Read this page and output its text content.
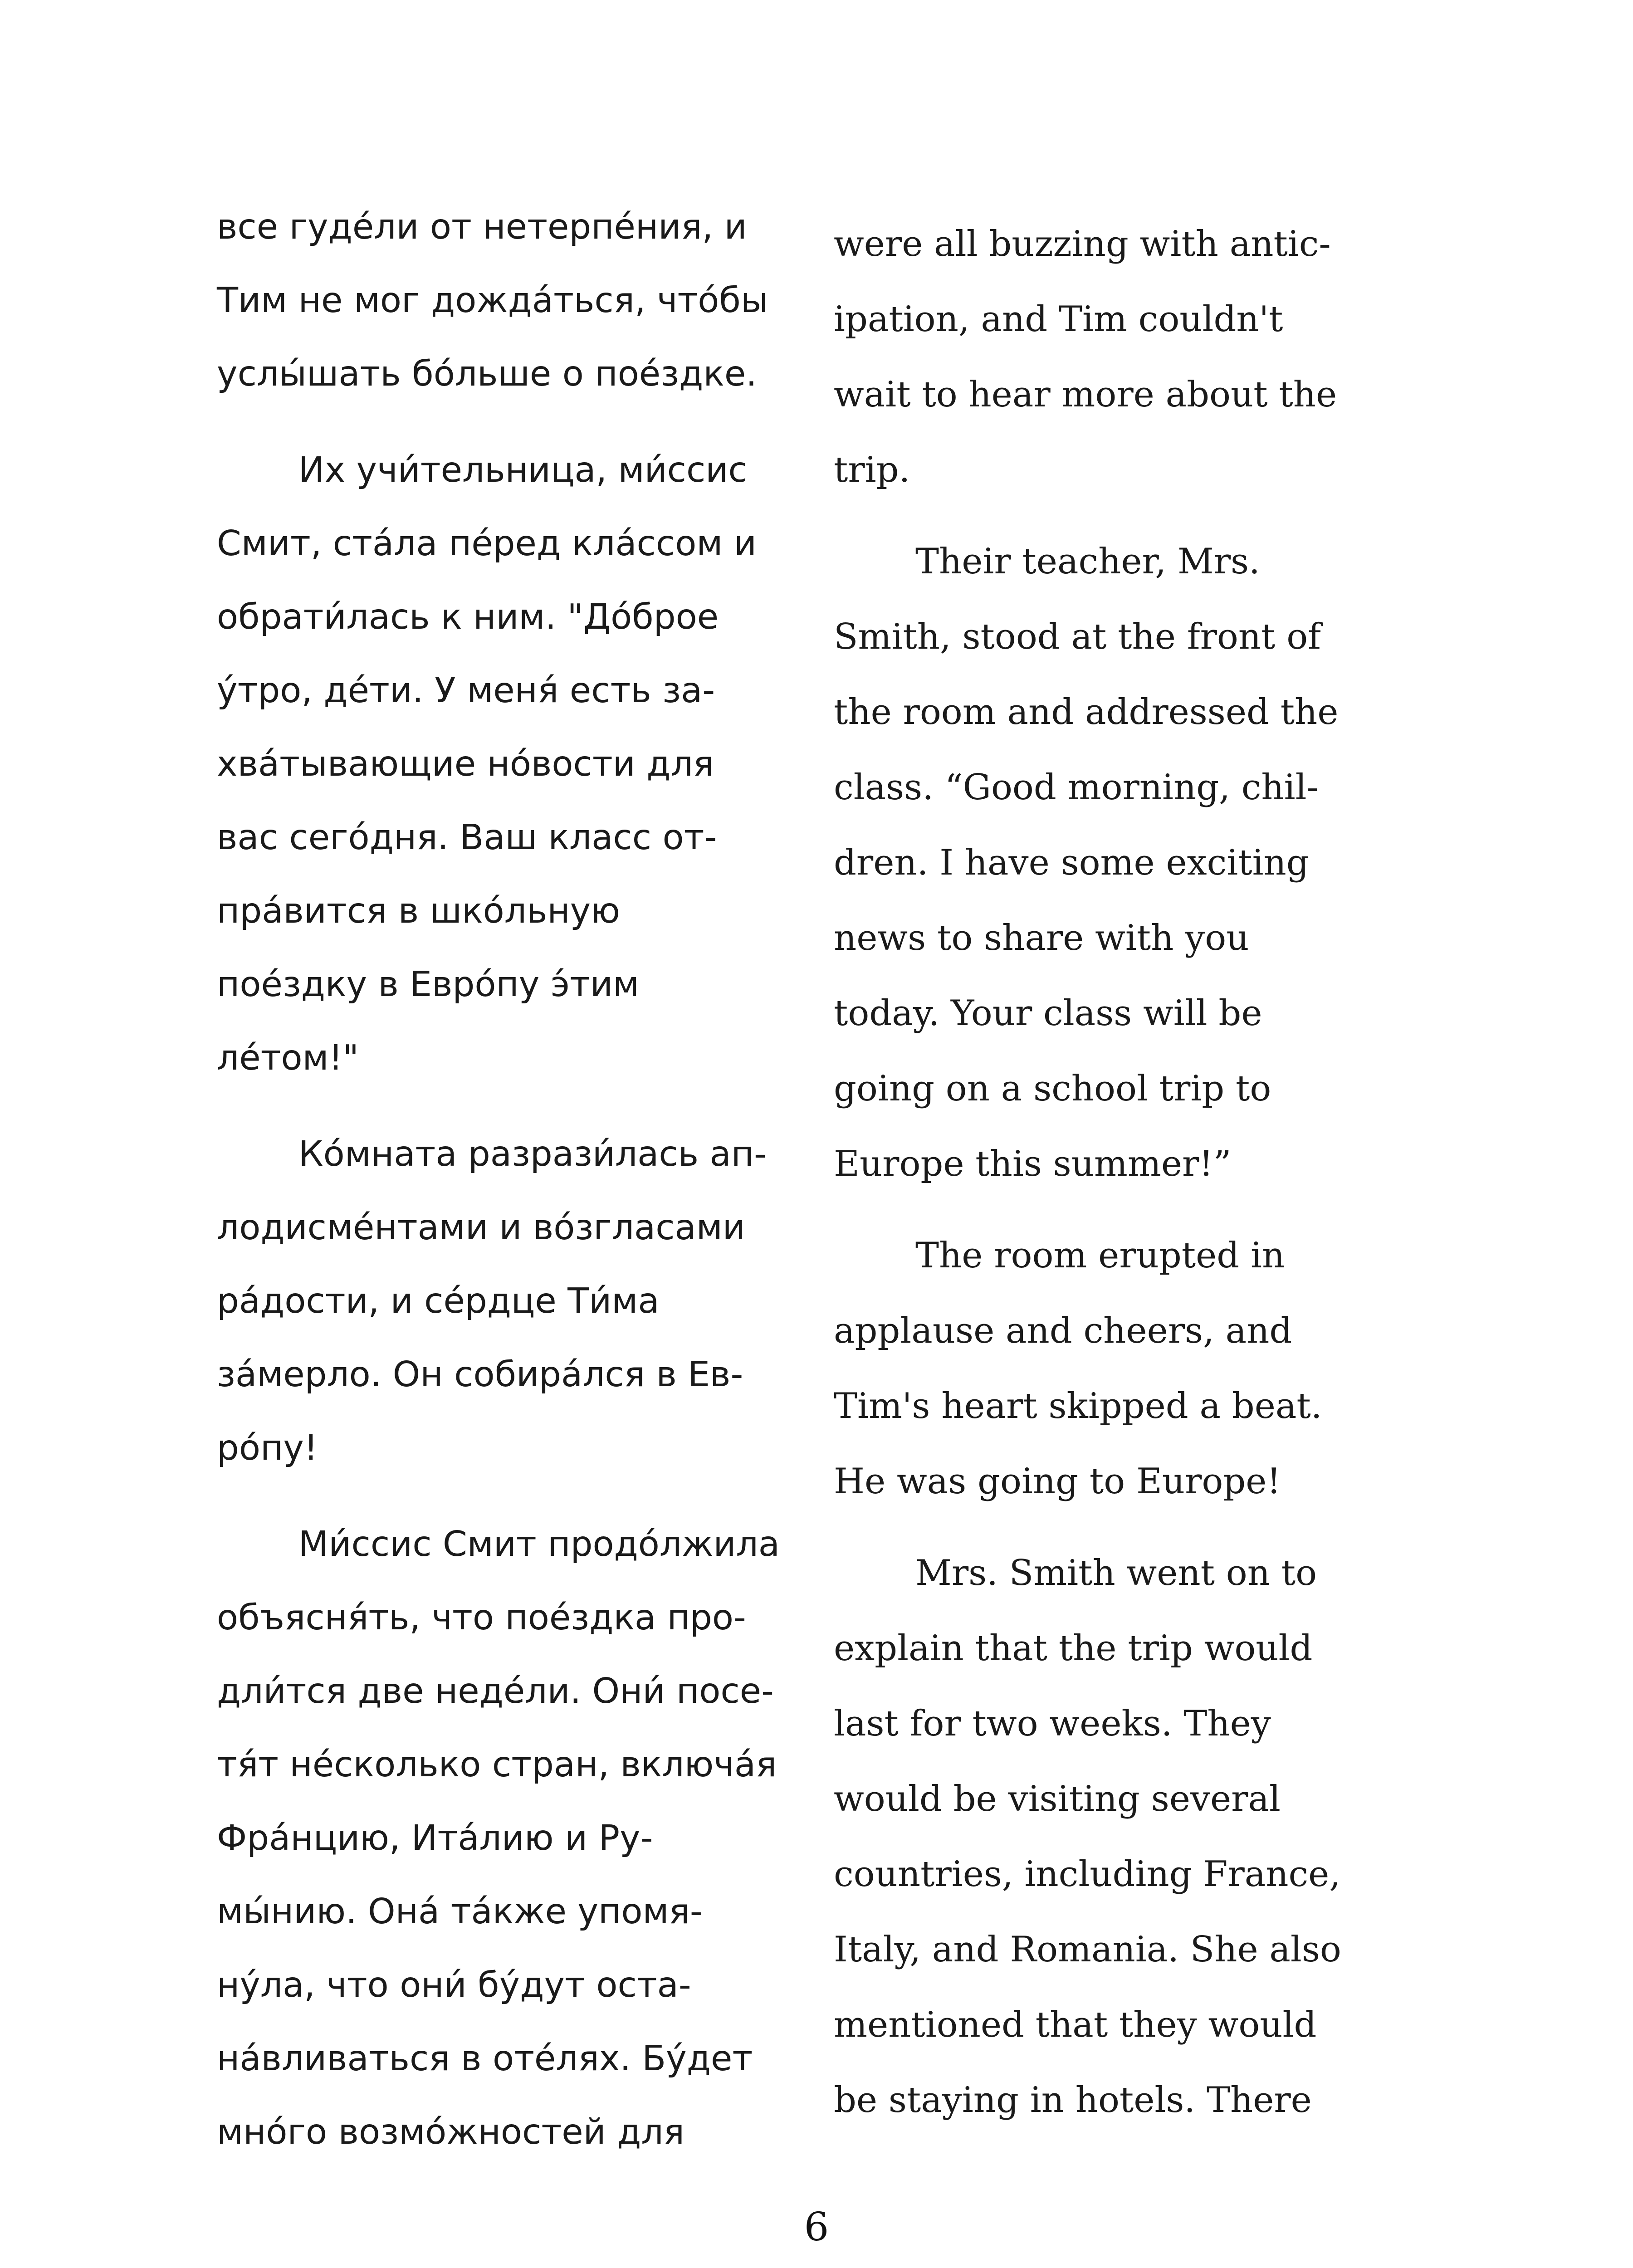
все гуде́ли от нетерпе́ния, и
Тим не мог дожда́ться, что́бы
услы́шать бо́льше о пое́здке.
Их учи́тельница, ми́ссис
Смит, ста́ла пе́ред кла́ссом и
обрати́лась к ним. "До́брое
у́тро, де́ти. У меня́ есть за-
хва́тывающие но́вости для
вас сего́дня. Ваш класс от-
пра́вится в шко́льную
пое́здку в Евро́пу э́тим
ле́том!"
Ко́мната разрази́лась ап-
лодисме́нтами и во́згласами
ра́дости, и се́рдце Ти́ма
за́мерло. Он собира́лся в Ев-
ро́пу!
Ми́ссис Смит продо́лжила
объясня́ть, что пое́здка про-
дли́тся две неде́ли. Они́ посе-
тя́т не́сколько стран, включа́я
Фра́нцию, Ита́лию и Ру-
мы́нию. Она́ та́кже упомя-
ну́ла, что они́ бу́дут оста-
на́вливаться в оте́лях. Бу́дет
мно́го возмо́жностей для
were all buzzing with antic-
ipation, and Tim couldn't
wait to hear more about the
trip.
Their teacher, Mrs.
Smith, stood at the front of
the room and addressed the
class. “Good morning, chil-
dren. I have some exciting
news to share with you
today. Your class will be
going on a school trip to
Europe this summer!”
The room erupted in
applause and cheers, and
Tim's heart skipped a beat.
He was going to Europe!
Mrs. Smith went on to
explain that the trip would
last for two weeks. They
would be visiting several
countries, including France,
Italy, and Romania. She also
mentioned that they would
be staying in hotels. There
6
